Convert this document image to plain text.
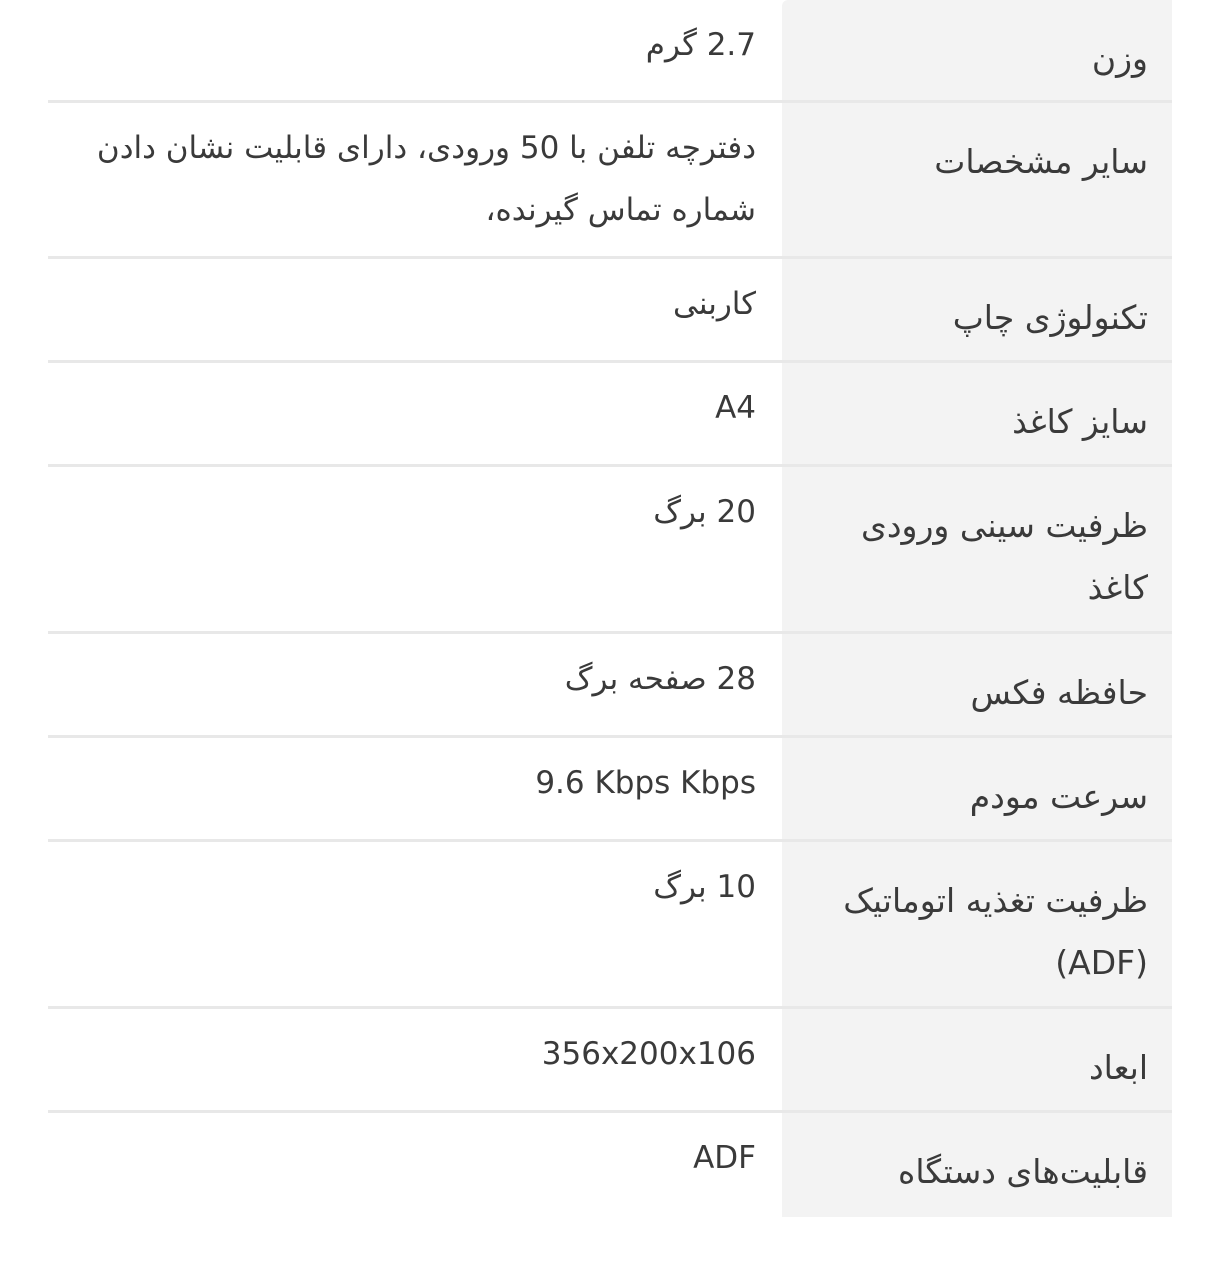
وزن
2.7 گرم
سایر مشخصات
دفترچه تلفن با 50 ورودی، دارای قابلیت نشان دادن شماره تماس گیرنده،
تکنولوژی چاپ
کاربنی
سایز کاغذ
A4
ظرفیت سینی ورودی کاغذ
20 برگ
حافظه فکس
28 صفحه برگ
سرعت مودم
9.6 Kbps Kbps
ظرفیت تغذیه اتوماتیک (ADF)
10 برگ
ابعاد
356x200x106
قابلیت‌های دستگاه
ADF
